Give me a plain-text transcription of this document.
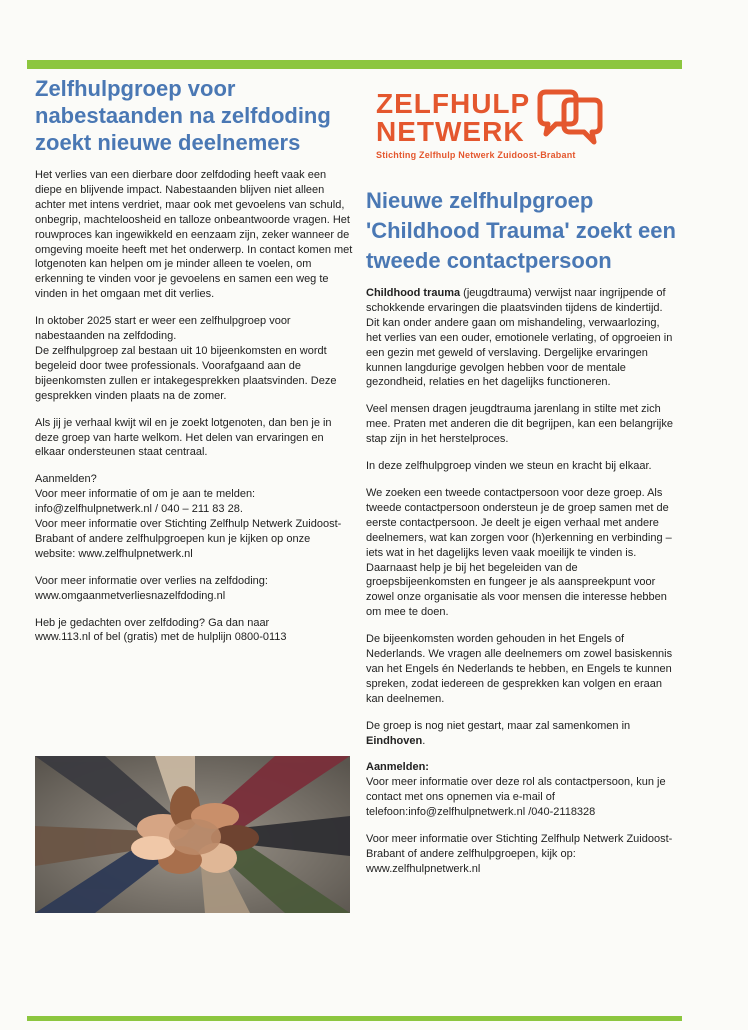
Zelfhulpgroep voor nabestaanden na zelfdoding zoekt nieuwe deelnemers

Het verlies van een dierbare door zelfdoding heeft vaak een diepe en blijvende impact. Nabestaanden blijven niet alleen achter met intens verdriet, maar ook met gevoelens van schuld, onbegrip, machteloosheid en talloze onbeantwoorde vragen. Het rouwproces kan ingewikkeld en eenzaam zijn, zeker wanneer de omgeving moeite heeft met het onderwerp. In contact komen met lotgenoten kan helpen om je minder alleen te voelen, om erkenning te vinden voor je gevoelens en samen een weg te vinden in het omgaan met dit verlies.

In oktober 2025 start er weer een zelfhulpgroep voor nabestaanden na zelfdoding.
De zelfhulpgroep zal bestaan uit 10 bijeenkomsten en wordt begeleid door twee professionals. Voorafgaand aan de bijeenkomsten zullen er intakegesprekken plaatsvinden. Deze gesprekken vinden plaats na de zomer.

Als jij je verhaal kwijt wil en je zoekt lotgenoten, dan ben je in deze groep van harte welkom. Het delen van ervaringen en elkaar ondersteunen staat centraal.

Aanmelden?
Voor meer informatie of om je aan te melden:
info@zelfhulpnetwerk.nl / 040 – 211 83 28.
Voor meer informatie over Stichting Zelfhulp Netwerk Zuidoost-Brabant of andere zelfhulpgroepen kun je kijken op onze website: www.zelfhulpnetwerk.nl

Voor meer informatie over verlies na zelfdoding:
www.omgaanmetverliesnazelfdoding.nl

Heb je gedachten over zelfdoding? Ga dan naar
www.113.nl of bel (gratis) met de hulplijn 0800-0113

ZELFHULP
NETWERK
Stichting Zelfhulp Netwerk Zuidoost-Brabant
Nieuwe zelfhulpgroep 'Childhood Trauma' zoekt een tweede contactpersoon

Childhood trauma (jeugdtrauma) verwijst naar ingrijpende of schokkende ervaringen die plaatsvinden tijdens de kindertijd. Dit kan onder andere gaan om mishandeling, verwaarlozing, het verlies van een ouder, emotionele verlating, of opgroeien in een gezin met geweld of verslaving. Dergelijke ervaringen kunnen langdurige gevolgen hebben voor de mentale gezondheid, relaties en het dagelijks functioneren.

Veel mensen dragen jeugdtrauma jarenlang in stilte met zich mee. Praten met anderen die dit begrijpen, kan een belangrijke stap zijn in het herstelproces.

In deze zelfhulpgroep vinden we steun en kracht bij elkaar.

We zoeken een tweede contactpersoon voor deze groep. Als tweede contactpersoon ondersteun je de groep samen met de eerste contactpersoon. Je deelt je eigen verhaal met andere deelnemers, wat kan zorgen voor (h)erkenning en verbinding – iets wat in het dagelijks leven vaak moeilijk te vinden is. Daarnaast help je bij het begeleiden van de groepsbijeenkomsten en fungeer je als aanspreekpunt voor zowel onze organisatie als voor mensen die interesse hebben om mee te doen.

De bijeenkomsten worden gehouden in het Engels of Nederlands. We vragen alle deelnemers om zowel basiskennis van het Engels én Nederlands te hebben, en Engels te kunnen spreken, zodat iedereen de gesprekken kan volgen en eraan kan deelnemen.

De groep is nog niet gestart, maar zal samenkomen in Eindhoven.

Aanmelden:
Voor meer informatie over deze rol als contactpersoon, kun je contact met ons opnemen via e-mail of telefoon:info@zelfhulpnetwerk.nl /040-2118328

Voor meer informatie over Stichting Zelfhulp Netwerk Zuidoost-Brabant of andere zelfhulpgroepen, kijk op: www.zelfhulpnetwerk.nl
